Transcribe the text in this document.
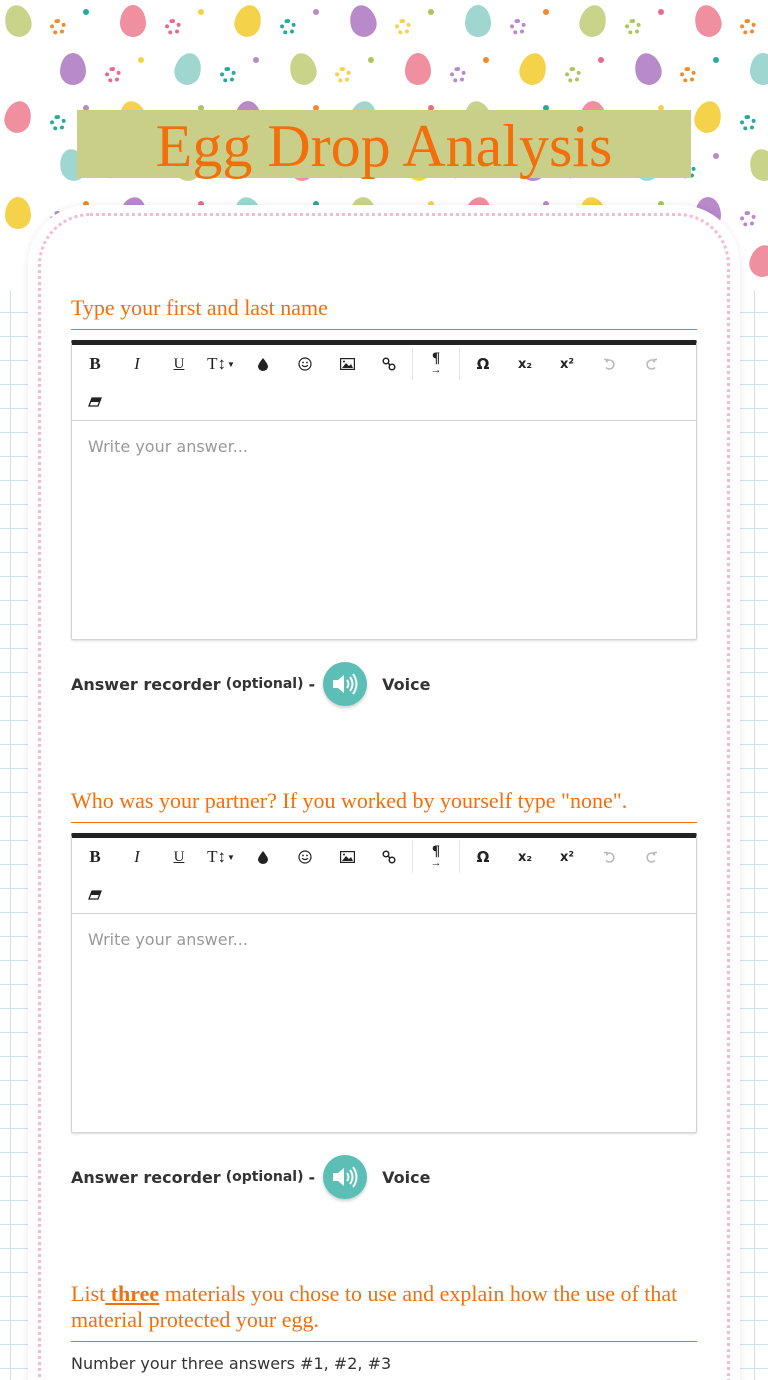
Egg Drop Analysis
Type your first and last name
B	I	U	T↕ ▼	¶
→	Ω	x₂	x²
Write your answer...
Answer recorder (optional) -	Voice
Who was your partner? If you worked by yourself type "none".
B	I	U	T↕ ▼	¶
→	Ω	x₂	x²
Write your answer...
Answer recorder (optional) -	Voice
List three materials you chose to use and explain how the use of that material protected your egg.
Number your three answers #1, #2, #3
